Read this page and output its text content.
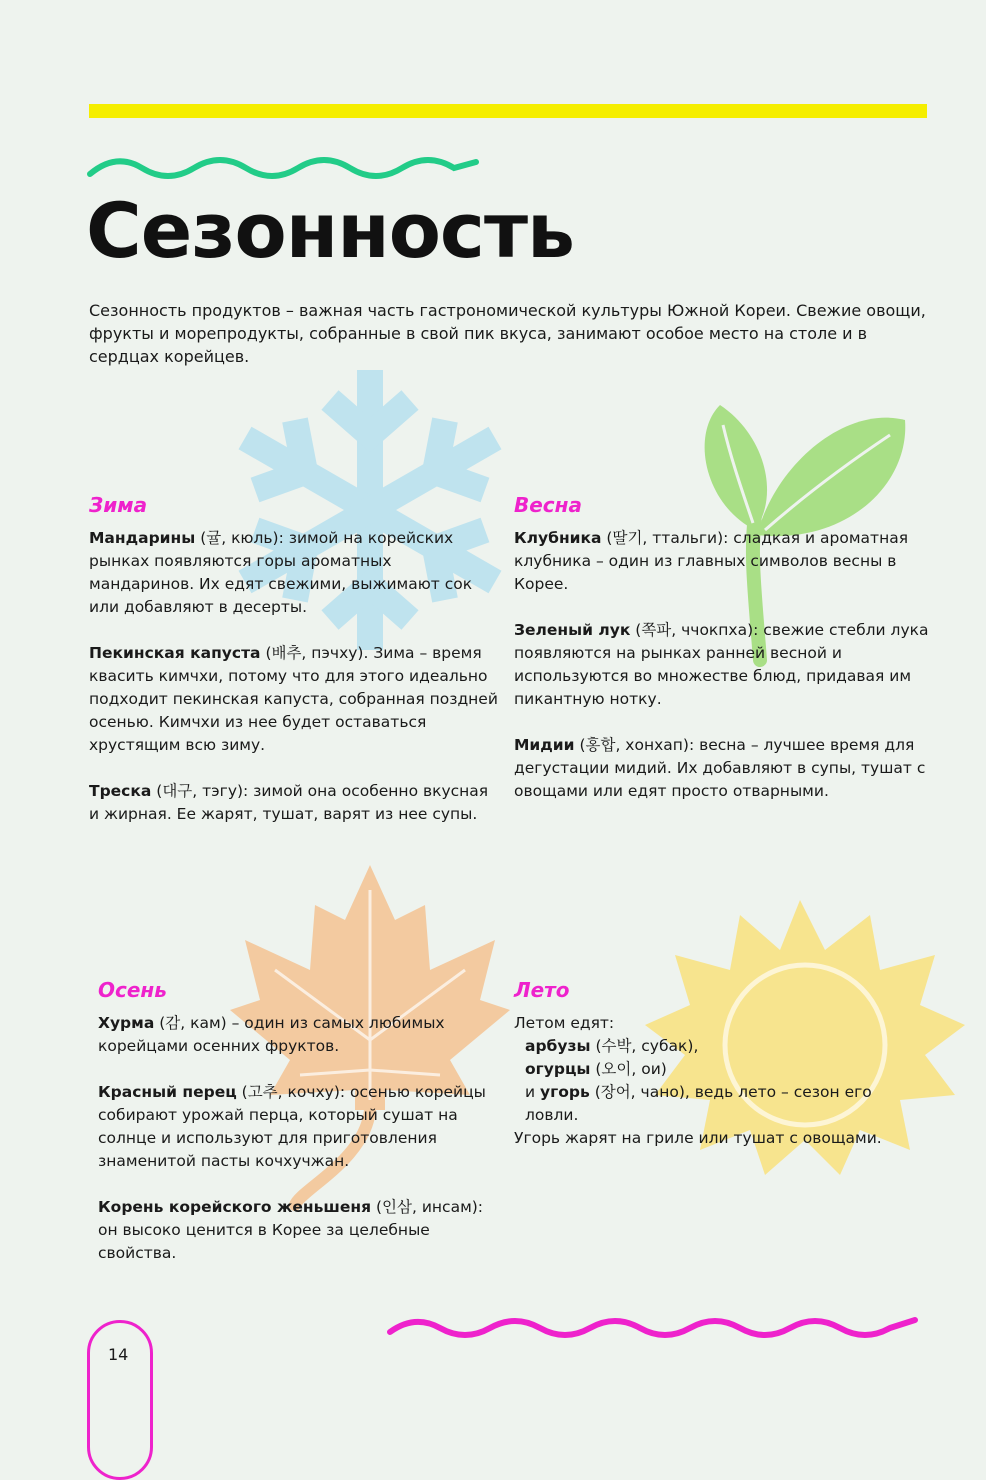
Сезонность

Сезонность продуктов – важная часть гастрономической культуры Южной Кореи. Свежие овощи, фрукты и морепродукты, собранные в свой пик вкуса, занимают особое место на столе и в сердцах корейцев.

Зима

Мандарины (귤, кюль): зимой на корейских рынках появляются горы ароматных мандаринов. Их едят свежими, выжимают сок или добавляют в десерты.

Пекинская капуста (배추, пэчху). Зима – время квасить кимчхи, потому что для этого идеально подходит пекинская капуста, собранная поздней осенью. Кимчхи из нее будет оставаться хрустящим всю зиму.

Треска (대구, тэгу): зимой она особенно вкусная и жирная. Ее жарят, тушат, варят из нее супы.

Весна

Клубника (딸기, ттальги): сладкая и ароматная клубника – один из главных символов весны в Корее.

Зеленый лук (쪽파, ччокпха): свежие стебли лука появляются на рынках ранней весной и используются во множестве блюд, придавая им пикантную нотку.

Мидии (홍합, хонхап): весна – лучшее время для дегустации мидий. Их добавляют в супы, тушат с овощами или едят просто отварными.

Осень

Хурма (감, кам) – один из самых любимых корейцами осенних фруктов.

Красный перец (고추, кочху): осенью корейцы собирают урожай перца, который сушат на солнце и используют для приготовления знаменитой пасты кочхучжан.

Корень корейского женьшеня (인삼, инсам): он высоко ценится в Корее за целебные свойства.

Лето

Летом едят:

арбузы (수박, субак),

огурцы (오이, ои)

и угорь (장어, чано), ведь лето – сезон его ловли.

Угорь жарят на гриле или тушат с овощами.

14
